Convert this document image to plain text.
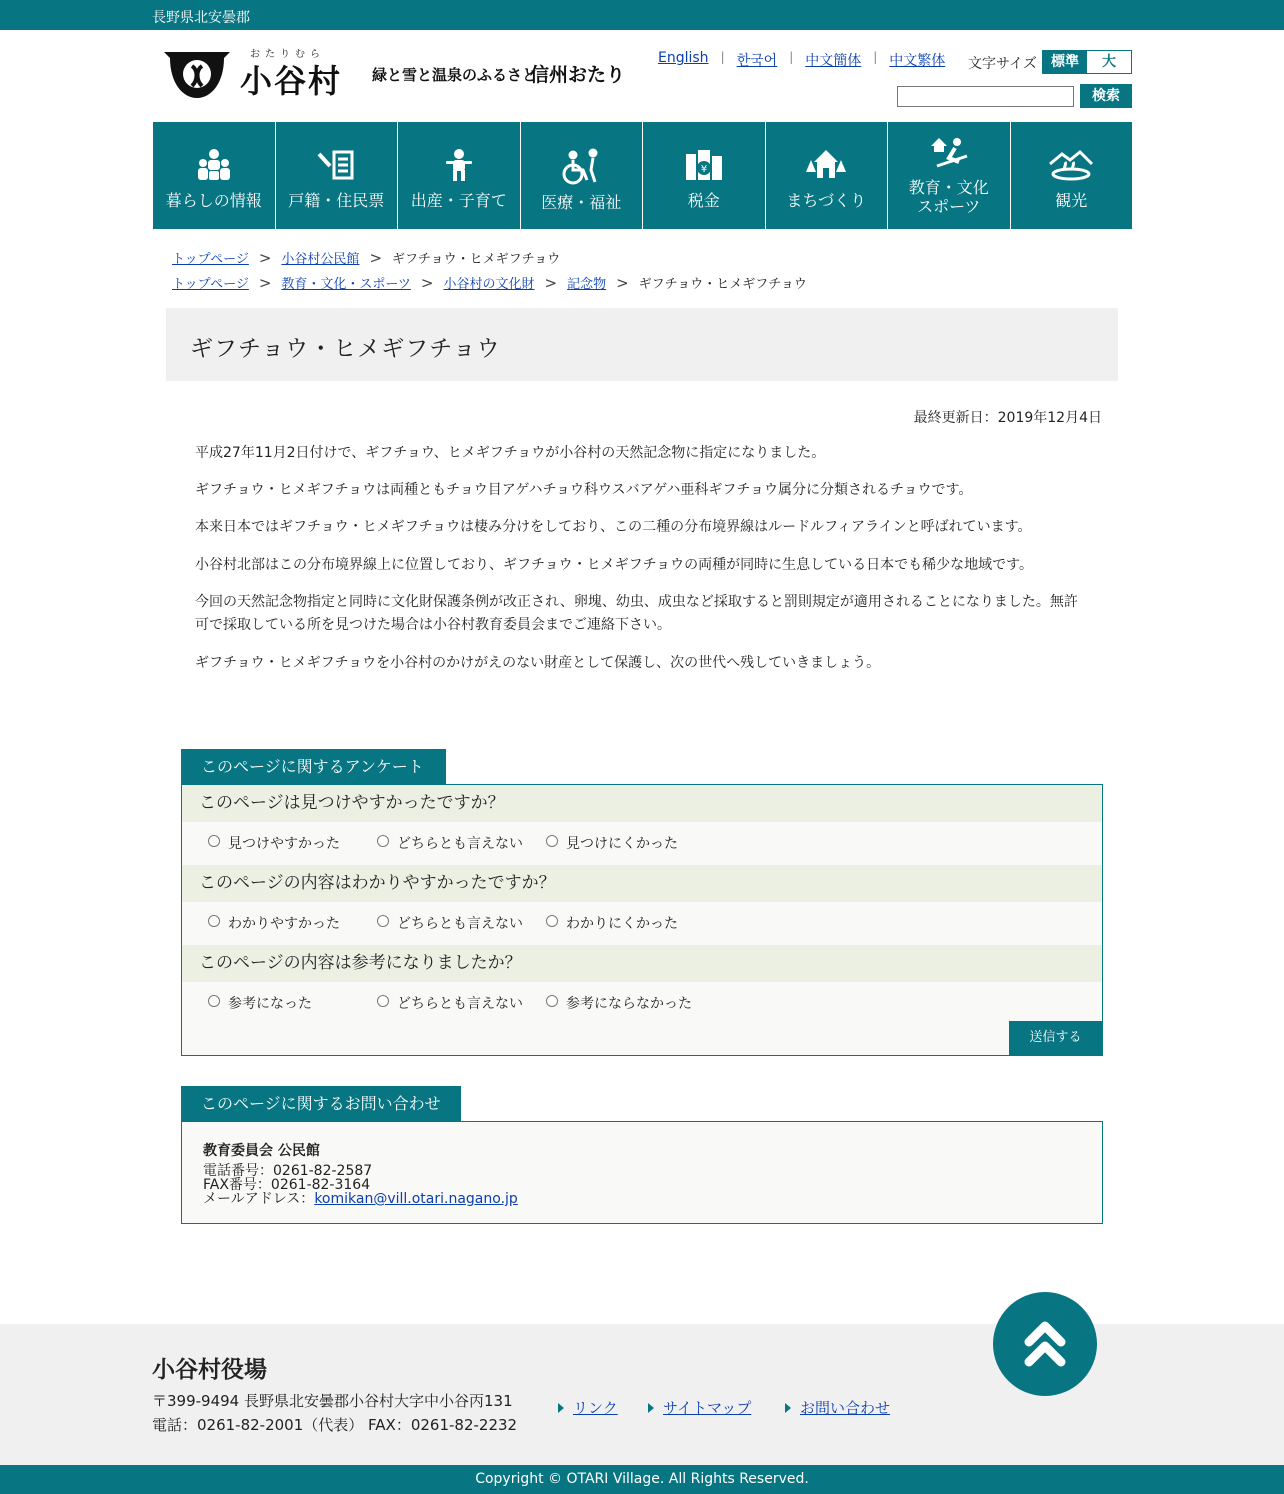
長野県北安曇郡
おたりむら
小谷村 緑と雪と温泉のふるさと
信州おたり
English | 한국어 | 中文簡体 | 中文繁体 文字サイズ	標準	大
検索
暮らしの情報	戸籍・住民票	出産・子育て	医療・福祉
¥
税金	まちづくり
教育・文化
スポーツ	観光
トップページ > 小谷村公民館 > ギフチョウ・ヒメギフチョウ
トップページ > 教育・文化・スポーツ > 小谷村の文化財 > 記念物 > ギフチョウ・ヒメギフチョウ
ギフチョウ・ヒメギフチョウ
最終更新日：2019年12月4日

平成27年11月2日付けで、ギフチョウ、ヒメギフチョウが小谷村の天然記念物に指定になりました。

ギフチョウ・ヒメギフチョウは両種ともチョウ目アゲハチョウ科ウスバアゲハ亜科ギフチョウ属分に分類されるチョウです。

本来日本ではギフチョウ・ヒメギフチョウは棲み分けをしており、この二種の分布境界線はルードルフィアラインと呼ばれています。

小谷村北部はこの分布境界線上に位置しており、ギフチョウ・ヒメギフチョウの両種が同時に生息している日本でも稀少な地域です。

今回の天然記念物指定と同時に文化財保護条例が改正され、卵塊、幼虫、成虫など採取すると罰則規定が適用されることになりました。無許可で採取している所を見つけた場合は小谷村教育委員会までご連絡下さい。

ギフチョウ・ヒメギフチョウを小谷村のかけがえのない財産として保護し、次の世代へ残していきましょう。

このページに関するアンケート
このページは見つけやすかったですか？
見つけやすかった	どちらとも言えない	見つけにくかった
このページの内容はわかりやすかったですか？
わかりやすかった	どちらとも言えない	わかりにくかった
このページの内容は参考になりましたか？
参考になった	どちらとも言えない	参考にならなかった
送信する
このページに関するお問い合わせ
教育委員会 公民館
電話番号：0261-82-2587
FAX番号：0261-82-3164
メールアドレス：komikan@vill.otari.nagano.jp
小谷村役場
〒399-9494 長野県北安曇郡小谷村大字中小谷丙131
電話：0261-82-2001（代表） FAX：0261-82-2232
リンク	サイトマップ	お問い合わせ
Copyright © OTARI Village. All Rights Reserved.
